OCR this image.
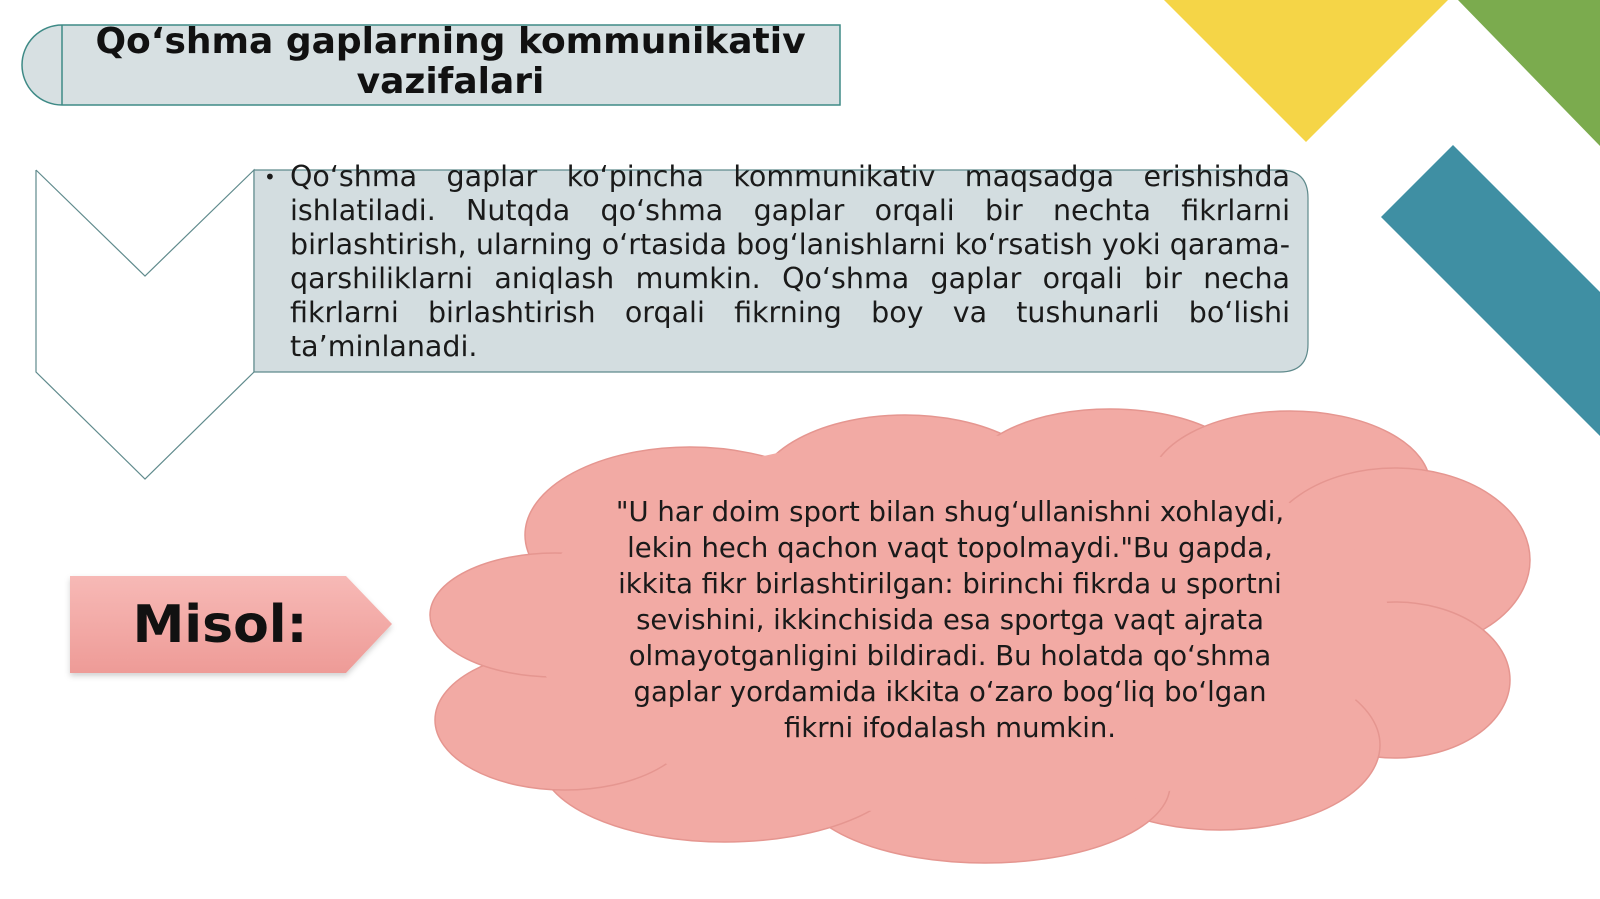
Qo‘shma gaplarning kommunikativ vazifalari
• Qo‘shma gaplar ko‘pincha kommunikativ maqsadga erishishda ishlatiladi. Nutqda qo‘shma gaplar orqali bir nechta fikrlarni birlashtirish, ularning o‘rtasida bog‘lanishlarni ko‘rsatish yoki qarama-qarshiliklarni aniqlash mumkin. Qo‘shma gaplar orqali bir necha fikrlarni birlashtirish orqali fikrning boy va tushunarli bo‘lishi ta’minlanadi.
Misol:
"U har doim sport bilan shug‘ullanishni xohlaydi, lekin hech qachon vaqt topolmaydi."Bu gapda, ikkita fikr birlashtirilgan: birinchi fikrda u sportni sevishini, ikkinchisida esa sportga vaqt ajrata olmayotganligini bildiradi. Bu holatda qo‘shma gaplar yordamida ikkita o‘zaro bog‘liq bo‘lgan fikrni ifodalash mumkin.
